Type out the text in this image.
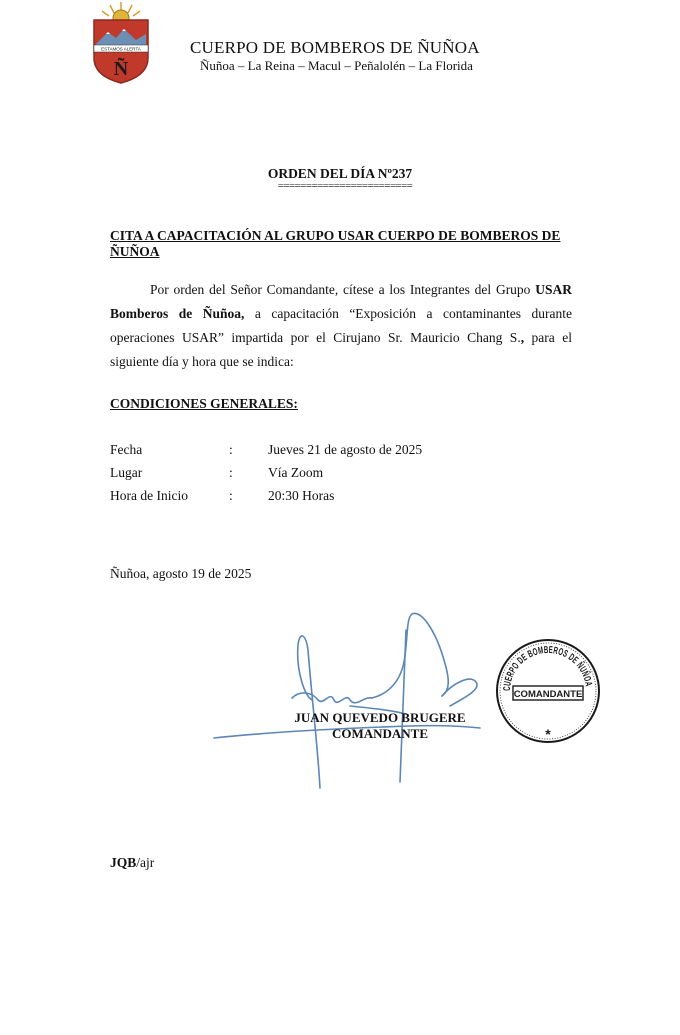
ESTAMOS ALERTA
Ñ
CUERPO DE BOMBEROS DE ÑUÑOA
Ñuñoa – La Reina – Macul – Peñalolén – La Florida
ORDEN DEL DÍA Nº237
========================
CITA A CAPACITACIÓN AL GRUPO USAR CUERPO DE BOMBEROS DE ÑUÑOA
Por orden del Señor Comandante, cítese a los Integrantes del Grupo USAR Bomberos de Ñuñoa, a capacitación “Exposición a contaminantes durante operaciones USAR” impartida por el Cirujano Sr. Mauricio Chang S., para el siguiente día y hora que se indica:
CONDICIONES GENERALES:
Fecha	:	Jueves 21 de agosto de 2025
Lugar	:	Vía Zoom
Hora de Inicio	:	20:30 Horas
Ñuñoa, agosto 19 de 2025
JUAN QUEVEDO BRUGERE
COMANDANTE
CUERPO DE BOMBEROS DE ÑUÑOA
COMANDANTE
*
JQB/ajr
